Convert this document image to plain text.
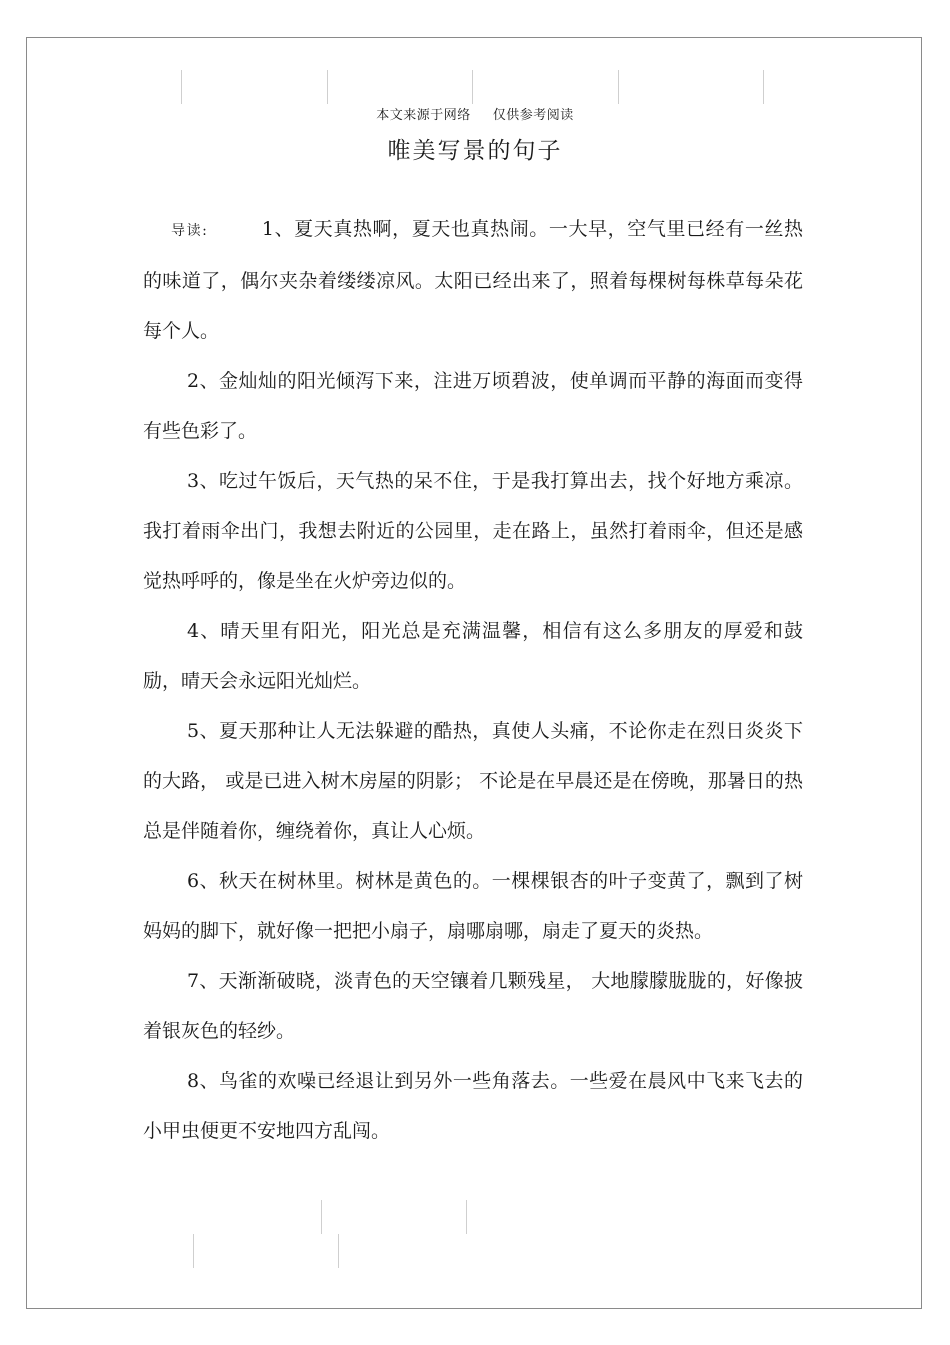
本文来源于网络 仅供参考阅读
唯美写景的句子

导读:	1、夏天真热啊，夏天也真热闹。一大早，空气里已经有一丝热的味道了，偶尔夹杂着缕缕凉风。太阳已经出来了，照着每棵树每株草每朵花每个人。

2、金灿灿的阳光倾泻下来，注进万顷碧波，使单调而平静的海面而变得有些色彩了。

3、吃过午饭后，天气热的呆不住，于是我打算出去，找个好地方乘凉。我打着雨伞出门，我想去附近的公园里，走在路上，虽然打着雨伞，但还是感觉热呼呼的，像是坐在火炉旁边似的。

4、晴天里有阳光，阳光总是充满温馨，相信有这么多朋友的厚爱和鼓励，晴天会永远阳光灿烂。

5、夏天那种让人无法躲避的酷热，真使人头痛，不论你走在烈日炎炎下的大路， 或是已进入树木房屋的阴影； 不论是在早晨还是在傍晚，那暑日的热总是伴随着你，缠绕着你，真让人心烦。

6、秋天在树林里。树林是黄色的。一棵棵银杏的叶子变黄了，飘到了树妈妈的脚下，就好像一把把小扇子，扇哪扇哪，扇走了夏天的炎热。

7、天渐渐破晓，淡青色的天空镶着几颗残星， 大地朦朦胧胧的，好像披着银灰色的轻纱。

8、鸟雀的欢噪已经退让到另外一些角落去。一些爱在晨风中飞来飞去的小甲虫便更不安地四方乱闯。
